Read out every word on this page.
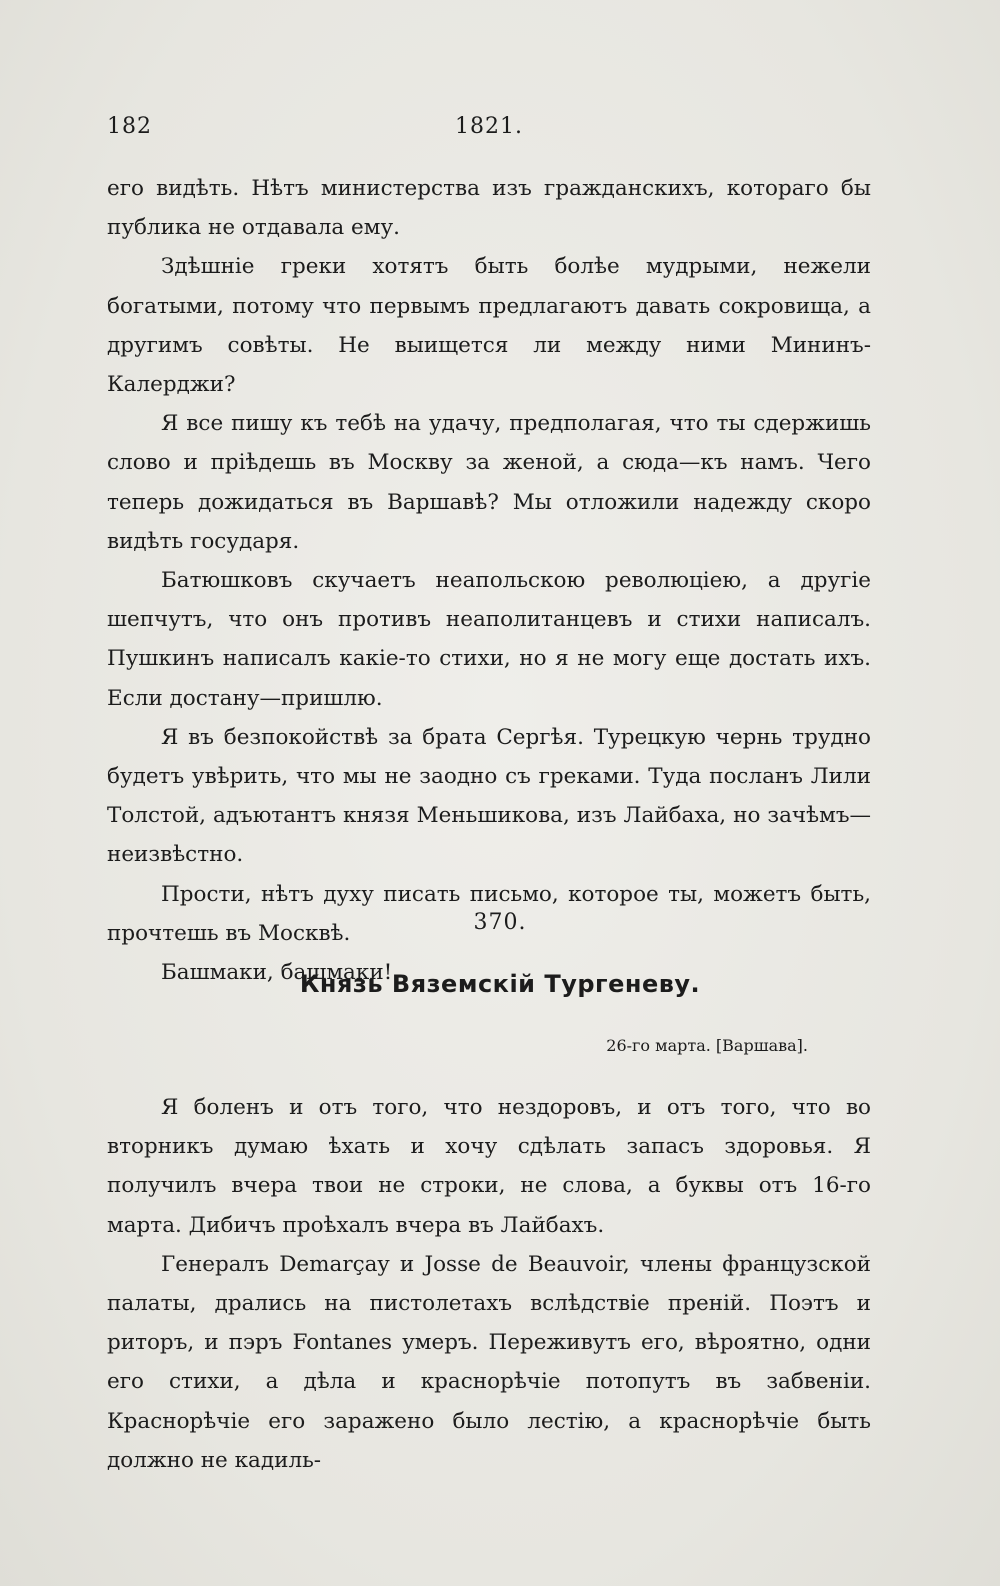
182	1821.

его видѣть. Нѣтъ министерства изъ гражданскихъ, котораго бы публика не отдавала ему.

Здѣшніе греки хотятъ быть болѣе мудрыми, нежели богатыми, потому что первымъ предлагаютъ давать сокровища, а другимъ совѣты. Не выищется ли между ними Мининъ-Калерджи?

Я все пишу къ тебѣ на удачу, предполагая, что ты сдержишь слово и пріѣдешь въ Москву за женой, а сюда—къ намъ. Чего теперь дожидаться въ Варшавѣ? Мы отложили надежду скоро видѣть государя.

Батюшковъ скучаетъ неапольскою революціею, а другіе шепчутъ, что онъ противъ неаполитанцевъ и стихи написалъ. Пушкинъ написалъ какіе-то стихи, но я не могу еще достать ихъ. Если достану—пришлю.

Я въ безпокойствѣ за брата Сергѣя. Турецкую чернь трудно будетъ увѣрить, что мы не заодно съ греками. Туда посланъ Лили Толстой, адъютантъ князя Меньшикова, изъ Лайбаха, но зачѣмъ—неизвѣстно.

Прости, нѣтъ духу писать письмо, которое ты, можетъ быть, прочтешь въ Москвѣ.

Башмаки, башмаки!

370.
Князь Вяземскій Тургеневу.
26-го марта. [Варшава].

Я боленъ и отъ того, что нездоровъ, и отъ того, что во вторникъ думаю ѣхать и хочу сдѣлать запасъ здоровья. Я получилъ вчера твои не строки, не слова, а буквы отъ 16-го марта. Дибичъ проѣхалъ вчера въ Лайбахъ.

Генералъ Demarçay и Josse de Beauvoir, члены французской палаты, дрались на пистолетахъ вслѣдствіе преній. Поэтъ и риторъ, и пэръ Fontanes умеръ. Переживутъ его, вѣроятно, одни его стихи, а дѣла и краснорѣчіе потопутъ въ забвеніи. Краснорѣчіе его заражено было лестію, а краснорѣчіе быть должно не кадиль-
